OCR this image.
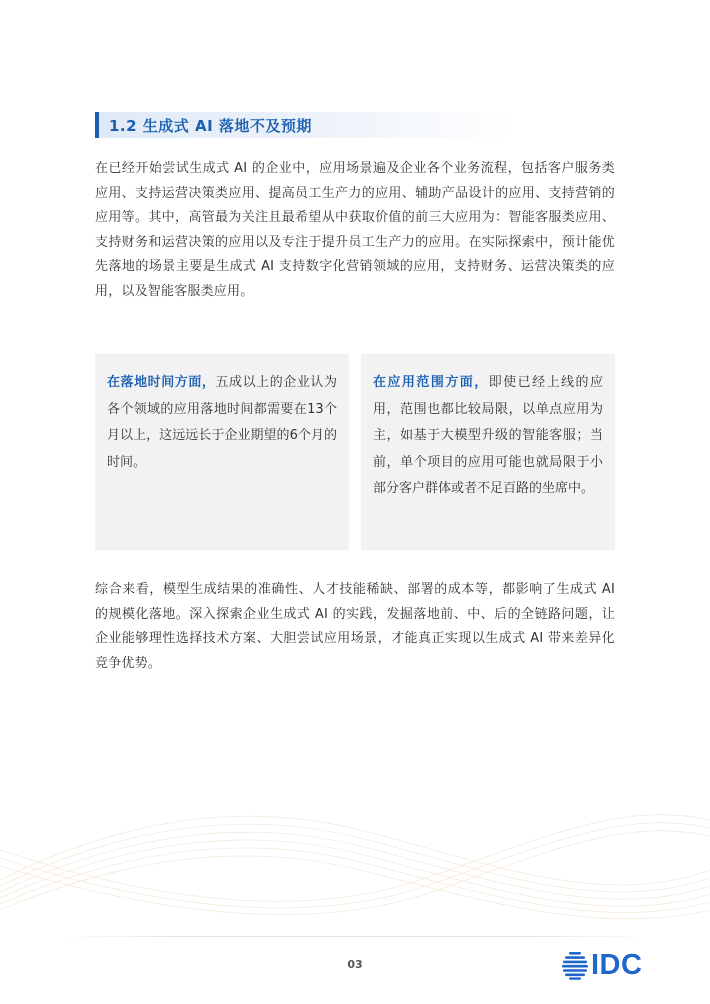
1.2 生成式 AI 落地不及预期
在已经开始尝试生成式 AI 的企业中，应用场景遍及企业各个业务流程，包括客户服务类应用、支持运营决策类应用、提高员工生产力的应用、辅助产品设计的应用、支持营销的应用等。其中，高管最为关注且最希望从中获取价值的前三大应用为：智能客服类应用、支持财务和运营决策的应用以及专注于提升员工生产力的应用。在实际探索中，预计能优先落地的场景主要是生成式 AI 支持数字化营销领域的应用，支持财务、运营决策类的应用，以及智能客服类应用。
在落地时间方面，五成以上的企业认为各个领域的应用落地时间都需要在13个月以上，这远远长于企业期望的6个月的时间。
在应用范围方面，即使已经上线的应用，范围也都比较局限，以单点应用为主，如基于大模型升级的智能客服；当前，单个项目的应用可能也就局限于小部分客户群体或者不足百路的坐席中。
综合来看，模型生成结果的准确性、人才技能稀缺、部署的成本等，都影响了生成式 AI 的规模化落地。深入探索企业生成式 AI 的实践，发掘落地前、中、后的全链路问题，让企业能够理性选择技术方案、大胆尝试应用场景，才能真正实现以生成式 AI 带来差异化竞争优势。
03	IDC
